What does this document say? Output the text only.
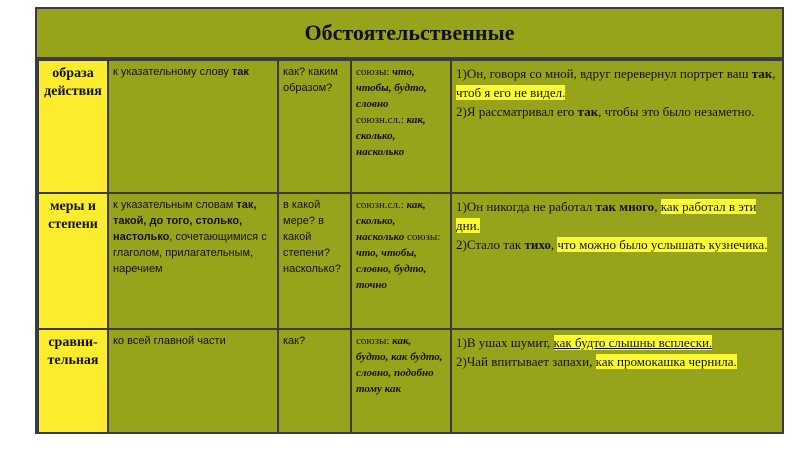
Обстоятельственные
образа действия	к указательному слову так	как? каким образом?	союзы: что, чтобы, будто, словно
союзн.сл.: как, сколько, насколько	1)Он, говоря со мной, вдруг перевернул портрет ваш так, чтоб я его не видел.
2)Я рассматривал его так, чтобы это было незаметно.
меры и степени	к указательным словам так, такой, до того, столько, настолько, сочетающимися с глаголом, прилагательным, наречием	в какой мере? в какой степени? насколько?	союзн.сл.: как, сколько, насколько союзы: что, чтобы, словно, будто, точно	1)Он никогда не работал так много, как работал в эти дни.
2)Стало так тихо, что можно было услышать кузнечика.
сравни-тельная	ко всей главной части	как?	союзы: как, будто, как будто, словно, подобно тому как	1)В ушах шумит, как будто слышны всплески.
2)Чай впитывает запахи, как промокашка чернила.
